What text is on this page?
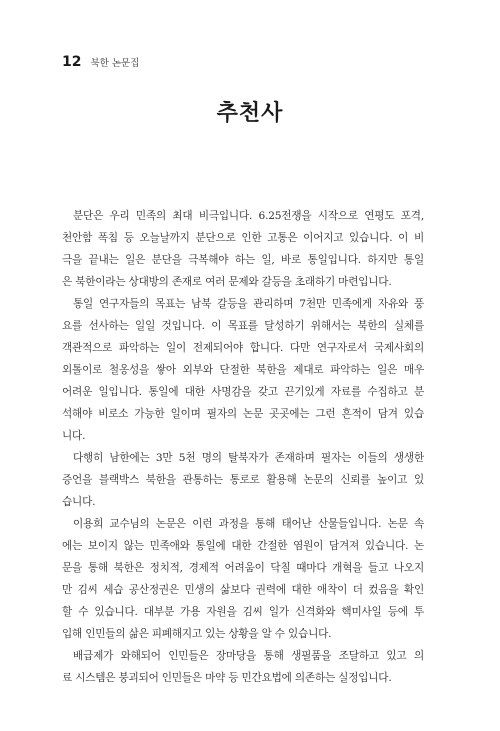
12 북한 논문집
추천사
분단은 우리 민족의 최대 비극입니다. 6.25전쟁을 시작으로 연평도 포격,
천안함 폭침 등 오늘날까지 분단으로 인한 고통은 이어지고 있습니다. 이 비
극을 끝내는 일은 분단을 극복해야 하는 일, 바로 통일입니다. 하지만 통일
은 북한이라는 상대방의 존재로 여러 문제와 갈등을 초래하기 마련입니다.
통일 연구자들의 목표는 남북 갈등을 관리하며 7천만 민족에게 자유와 풍
요를 선사하는 일일 것입니다. 이 목표를 달성하기 위해서는 북한의 실체를
객관적으로 파악하는 일이 전제되어야 합니다. 다만 연구자로서 국제사회의
외톨이로 철옹성을 쌓아 외부와 단절한 북한을 제대로 파악하는 일은 매우
어려운 일입니다. 통일에 대한 사명감을 갖고 끈기있게 자료를 수집하고 분
석해야 비로소 가능한 일이며 필자의 논문 곳곳에는 그런 흔적이 담겨 있습
니다.
다행히 남한에는 3만 5천 명의 탈북자가 존재하며 필자는 이들의 생생한
증언을 블랙박스 북한을 관통하는 통로로 활용해 논문의 신뢰를 높이고 있
습니다.
이용희 교수님의 논문은 이런 과정을 통해 태어난 산물들입니다. 논문 속
에는 보이지 않는 민족애와 통일에 대한 간절한 염원이 담겨져 있습니다. 논
문을 통해 북한은 정치적, 경제적 어려움이 닥칠 때마다 개혁을 들고 나오지
만 김씨 세습 공산정권은 민생의 삶보다 권력에 대한 애착이 더 컸음을 확인
할 수 있습니다. 대부분 가용 자원을 김씨 일가 신격화와 핵미사일 등에 투
입해 인민들의 삶은 피폐해지고 있는 상황을 알 수 있습니다.
배급제가 와해되어 인민들은 장마당을 통해 생필품을 조달하고 있고 의
료 시스템은 붕괴되어 인민들은 마약 등 민간요법에 의존하는 실정입니다.
